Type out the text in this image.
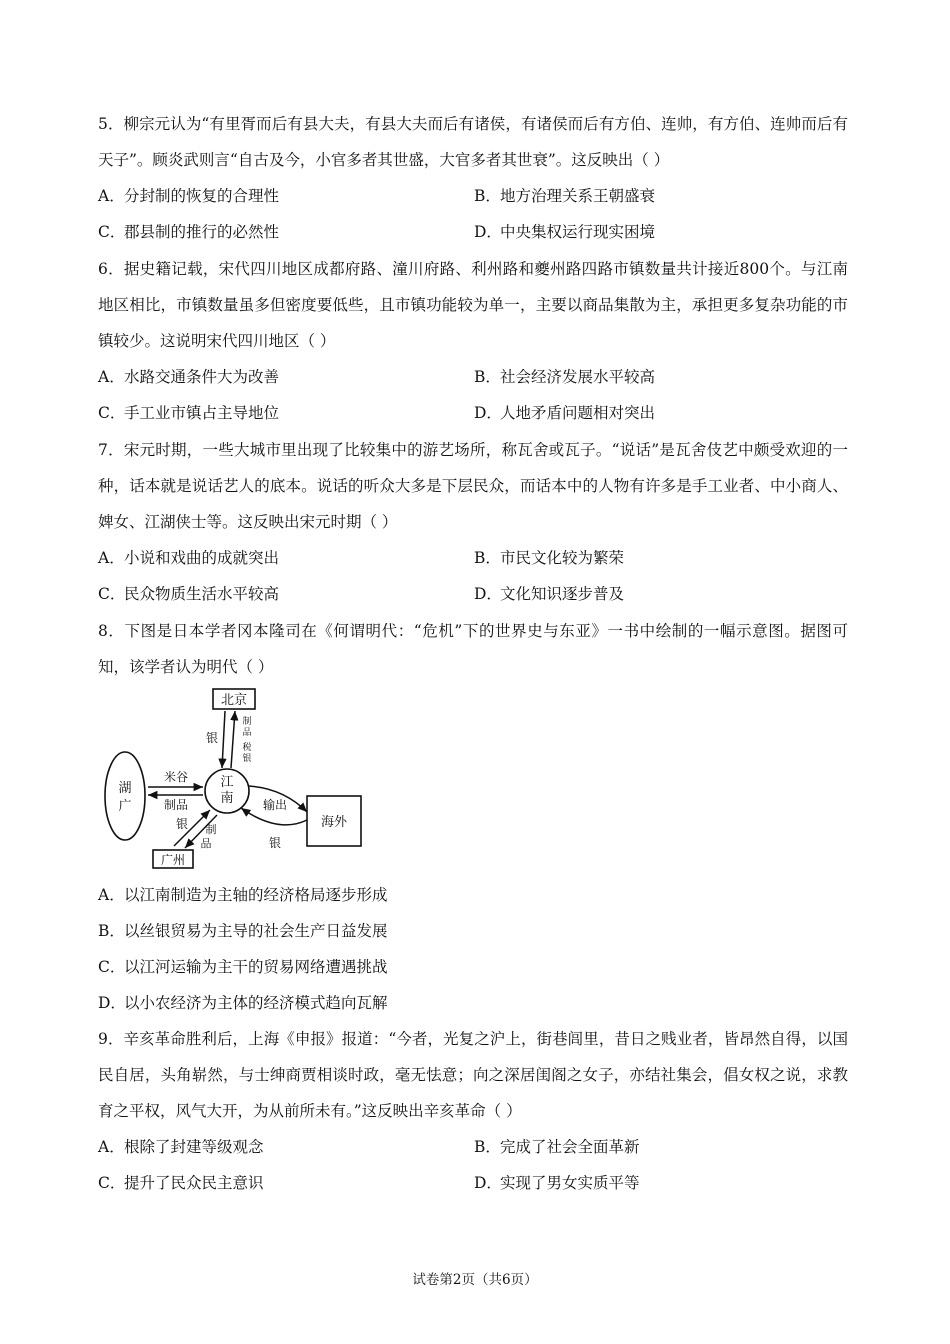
5．柳宗元认为“有里胥而后有县大夫，有县大夫而后有诸侯，有诸侯而后有方伯、连帅，有方伯、连帅而后有天子”。顾炎武则言“自古及今，小官多者其世盛，大官多者其世衰”。这反映出（ ）
A．分封制的恢复的合理性	B．地方治理关系王朝盛衰
C．郡县制的推行的必然性	D．中央集权运行现实困境
6．据史籍记载，宋代四川地区成都府路、潼川府路、利州路和夔州路四路市镇数量共计接近800个。与江南地区相比，市镇数量虽多但密度要低些，且市镇功能较为单一，主要以商品集散为主，承担更多复杂功能的市镇较少。这说明宋代四川地区（ ）
A．水路交通条件大为改善	B．社会经济发展水平较高
C．手工业市镇占主导地位	D．人地矛盾问题相对突出
7．宋元时期，一些大城市里出现了比较集中的游艺场所，称瓦舍或瓦子。“说话”是瓦舍伎艺中颇受欢迎的一种，话本就是说话艺人的底本。说话的听众大多是下层民众，而话本中的人物有许多是手工业者、中小商人、婢女、江湖侠士等。这反映出宋元时期（ ）
A．小说和戏曲的成就突出	B．市民文化较为繁荣
C．民众物质生活水平较高	D．文化知识逐步普及
8．下图是日本学者冈本隆司在《何谓明代：“危机”下的世界史与东亚》一书中绘制的一幅示意图。据图可知，该学者认为明代（ ）
北京
江
南
湖
广
海外
广州
银
制
品
税
银
米谷
制品
银 制
品
输出
银
A．以江南制造为主轴的经济格局逐步形成
B．以丝银贸易为主导的社会生产日益发展
C．以江河运输为主干的贸易网络遭遇挑战
D．以小农经济为主体的经济模式趋向瓦解
9．辛亥革命胜利后，上海《申报》报道：“今者，光复之沪上，街巷闾里，昔日之贱业者，皆昂然自得，以国民自居，头角崭然，与士绅商贾相谈时政，毫无怯意；向之深居闺阁之女子，亦结社集会，倡女权之说，求教育之平权，风气大开，为从前所未有。”这反映出辛亥革命（ ）
A．根除了封建等级观念	B．完成了社会全面革新
C．提升了民众民主意识	D．实现了男女实质平等
试卷第2页（共6页）
